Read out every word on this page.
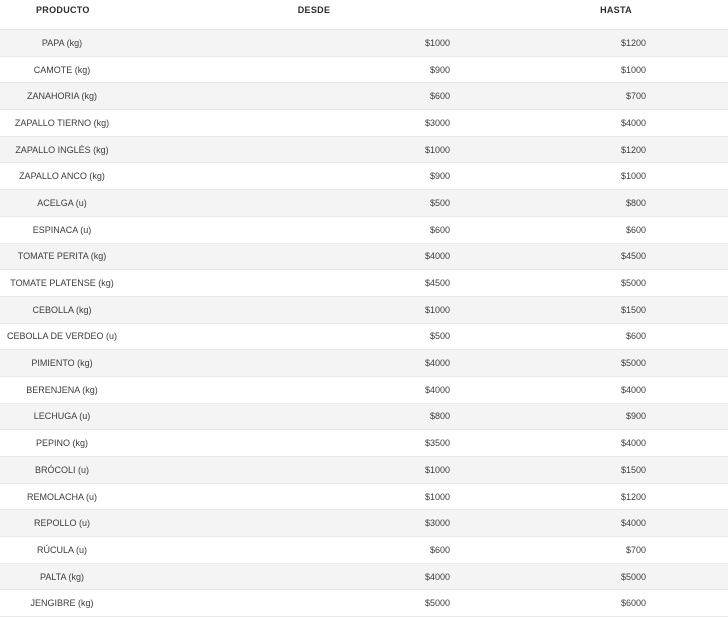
PRODUCTO	DESDE	HASTA
PAPA (kg)	$1000	$1200
CAMOTE (kg)	$900	$1000
ZANAHORIA (kg)	$600	$700
ZAPALLO TIERNO (kg)	$3000	$4000
ZAPALLO INGLÉS (kg)	$1000	$1200
ZAPALLO ANCO (kg)	$900	$1000
ACELGA (u)	$500	$800
ESPINACA (u)	$600	$600
TOMATE PERITA (kg)	$4000	$4500
TOMATE PLATENSE (kg)	$4500	$5000
CEBOLLA (kg)	$1000	$1500
CEBOLLA DE VERDEO (u)	$500	$600
PIMIENTO (kg)	$4000	$5000
BERENJENA (kg)	$4000	$4000
LECHUGA (u)	$800	$900
PEPINO (kg)	$3500	$4000
BRÓCOLI (u)	$1000	$1500
REMOLACHA (u)	$1000	$1200
REPOLLO (u)	$3000	$4000
RÚCULA (u)	$600	$700
PALTA (kg)	$4000	$5000
JENGIBRE (kg)	$5000	$6000
